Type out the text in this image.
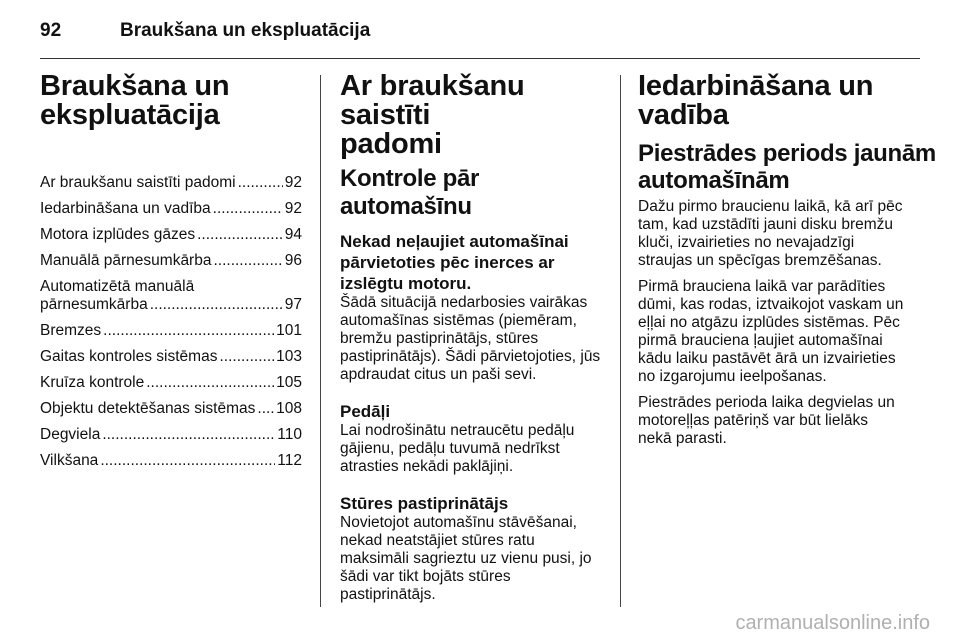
92	Braukšana un ekspluatācija
Braukšana un
ekspluatācija
Ar braukšanu saistīti padomi .....	92
Iedarbināšana un vadība .....	92
Motora izplūdes gāzes .....	94
Manuālā pārnesumkārba .....	96
Automatizētā manuālā
pārnesumkārba .....	97
Bremzes .....	101
Gaitas kontroles sistēmas .....	103
Kruīza kontrole .....	105
Objektu detektēšanas sistēmas ..... 108
Degviela .....	110
Vilkšana .....	112
Ar braukšanu saistīti
padomi
Kontrole pār automašīnu
Nekad neļaujiet automašīnai
pārvietoties pēc inerces ar
izslēgtu motoru.

Šādā situācijā nedarbosies vairākas automašīnas sistēmas (piemēram, bremžu pastiprinātājs, stūres pastiprinātājs). Šādi pārvietojoties, jūs apdraudat citus un paši sevi.

Pedāļi

Lai nodrošinātu netraucētu pedāļu gājienu, pedāļu tuvumā nedrīkst atrasties nekādi paklājiņi.

Stūres pastiprinātājs

Novietojot automašīnu stāvēšanai, nekad neatstājiet stūres ratu maksimāli sagrieztu uz vienu pusi, jo šādi var tikt bojāts stūres pastiprinātājs.

Iedarbināšana un
vadība
Piestrādes periods jaunām
automašīnām

Dažu pirmo braucienu laikā, kā arī pēc tam, kad uzstādīti jauni disku bremžu kluči, izvairieties no nevajadzīgi straujas un spēcīgas bremzēšanas.

Pirmā brauciena laikā var parādīties dūmi, kas rodas, iztvaikojot vaskam un eļļai no atgāzu izplūdes sistēmas. Pēc pirmā brauciena ļaujiet automašīnai kādu laiku pastāvēt ārā un izvairieties no izgarojumu ieelpošanas.

Piestrādes perioda laika degvielas un motoreļļas patēriņš var būt lielāks nekā parasti.

carmanualsonline.info
